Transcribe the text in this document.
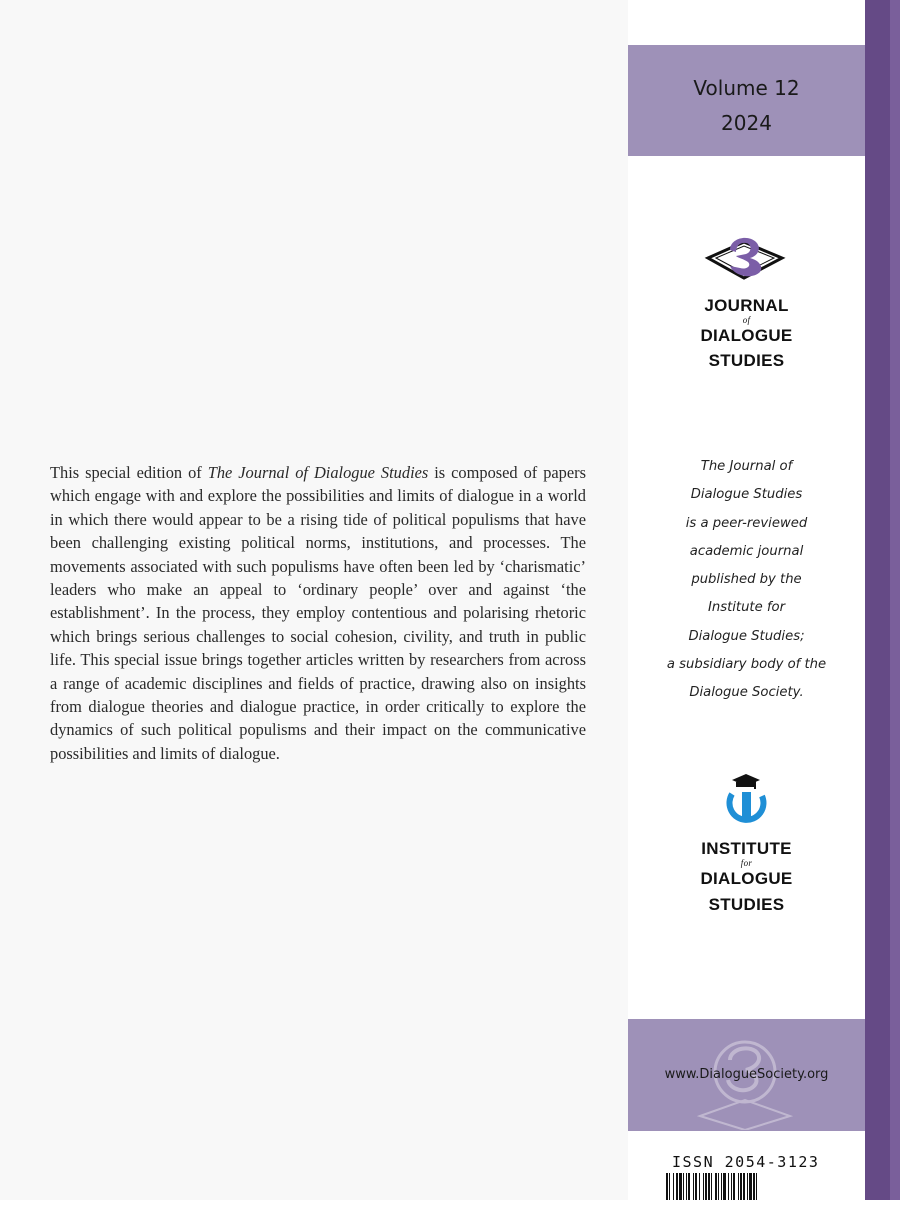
This special edition of The Journal of Dialogue Studies is composed of papers which engage with and explore the possibilities and limits of dialogue in a world in which there would appear to be a rising tide of political populisms that have been challenging existing political norms, institutions, and processes. The movements associated with such populisms have often been led by ‘charismatic’ leaders who make an appeal to ‘ordinary people’ over and against ‘the establishment’. In the process, they employ contentious and polarising rhetoric which brings serious challenges to social cohesion, civility, and truth in public life. This special issue brings together articles written by researchers from across a range of academic disciplines and fields of practice, drawing also on insights from dialogue theories and dialogue practice, in order critically to explore the dynamics of such political populisms and their impact on the communicative possibilities and limits of dialogue.

Volume 12
2024
JOURNAL
of
DIALOGUE
STUDIES
The Journal of
Dialogue Studies
is a peer-reviewed
academic journal
published by the
Institute for
Dialogue Studies;
a subsidiary body of the
Dialogue Society.
INSTITUTE
for
DIALOGUE
STUDIES
www.DialogueSociety.org
ISSN 2054-3123
